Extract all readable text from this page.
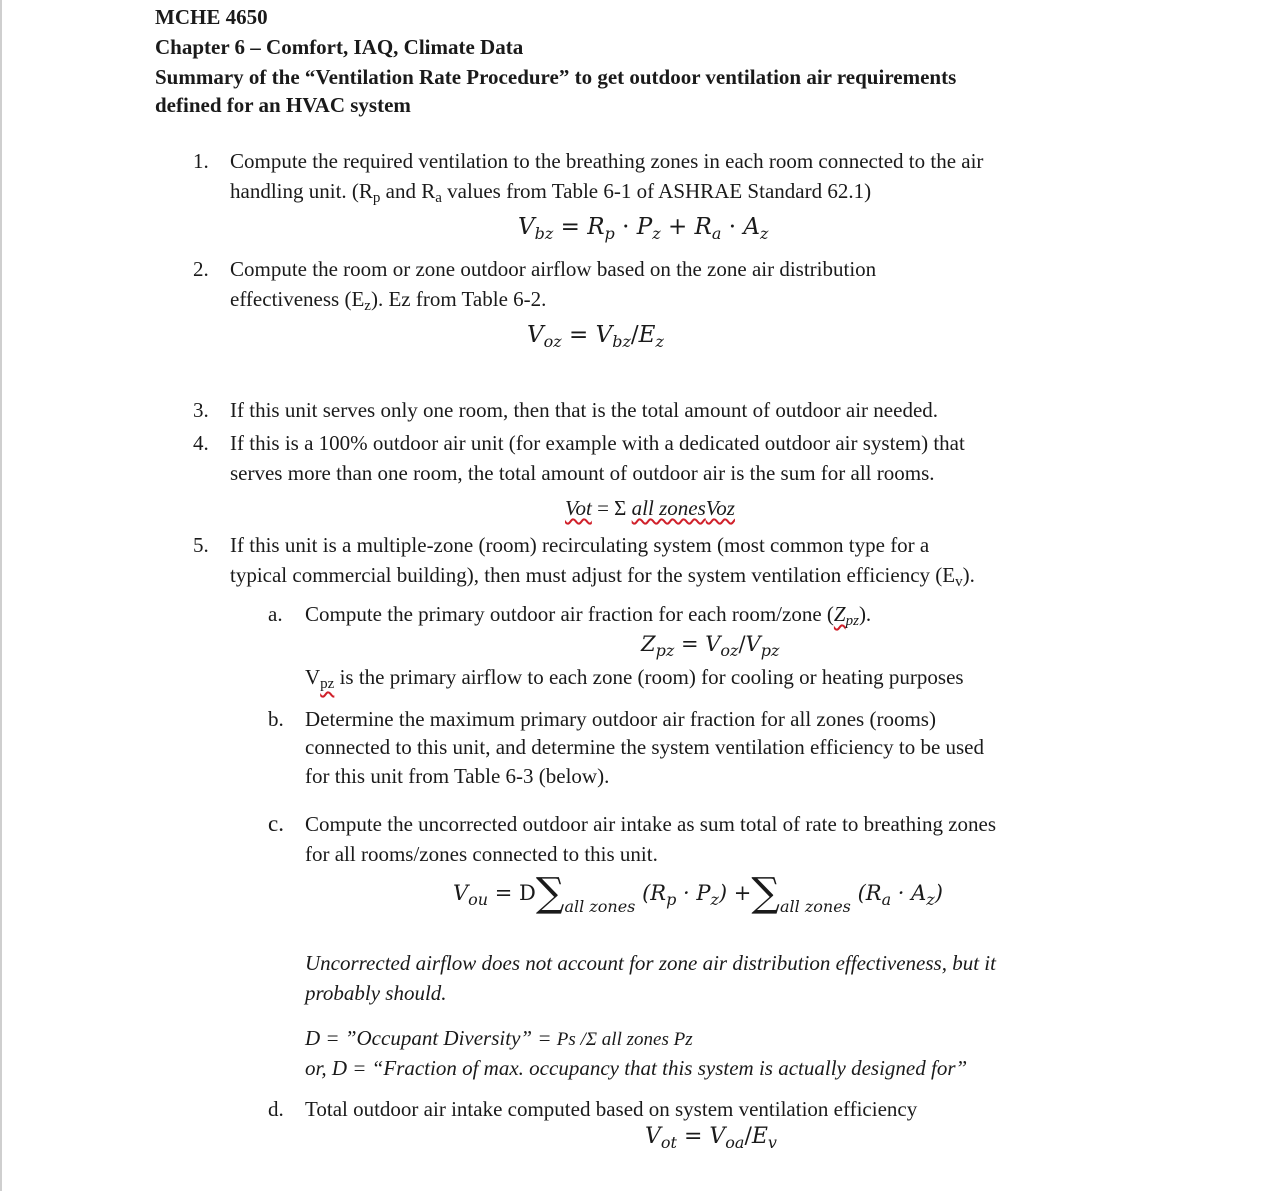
MCHE 4650
Chapter 6 – Comfort, IAQ, Climate Data
Summary of the “Ventilation Rate Procedure” to get outdoor ventilation air requirements
defined for an HVAC system
1. Compute the required ventilation to the breathing zones in each room connected to the air
handling unit. ($R_p$ and $R_a$ values from Table 6-1 of ASHRAE Standard 62.1)
$V_{bz} = R_p \cdot P_z + R_a \cdot A_z$
2. Compute the room or zone outdoor airflow based on the zone air distribution
effectiveness $(E_z)$. Ez from Table 6-2.
$V_{oz} = V_{bz}/E_z$
3. If this unit serves only one room, then that is the total amount of outdoor air needed.
4. If this is a 100% outdoor air unit (for example with a dedicated outdoor air system) that
serves more than one room, the total amount of outdoor air is the sum for all rooms.
Vot = Σ all zonesVoz
5. If this unit is a multiple-zone (room) recirculating system (most common type for a
typical commercial building), then must adjust for the system ventilation efficiency $(E_v)$.
a. Compute the primary outdoor air fraction for each room/zone $(Z_{pz})$.
$Z_{pz} = V_{oz}/V_{pz}$
$V_{pz}$ is the primary airflow to each zone (room) for cooling or heating purposes
b. Determine the maximum primary outdoor air fraction for all zones (rooms)
connected to this unit, and determine the system ventilation efficiency to be used
for this unit from Table 6-3 (below).
c. Compute the uncorrected outdoor air intake as sum total of rate to breathing zones
for all rooms/zones connected to this unit.
$V_{ou} = D\sum_{all zones}$ $(R_p \cdot P_z) +\sum_{all zones}$ $(R_a \cdot A_z)$
Uncorrected airflow does not account for zone air distribution effectiveness, but it
probably should.
D = ”Occupant Diversity” = Ps /Σ all zones Pz
or, D = “Fraction of max. occupancy that this system is actually designed for”
d. Total outdoor air intake computed based on system ventilation efficiency
$V_{ot} = V_{oa}/E_v$
